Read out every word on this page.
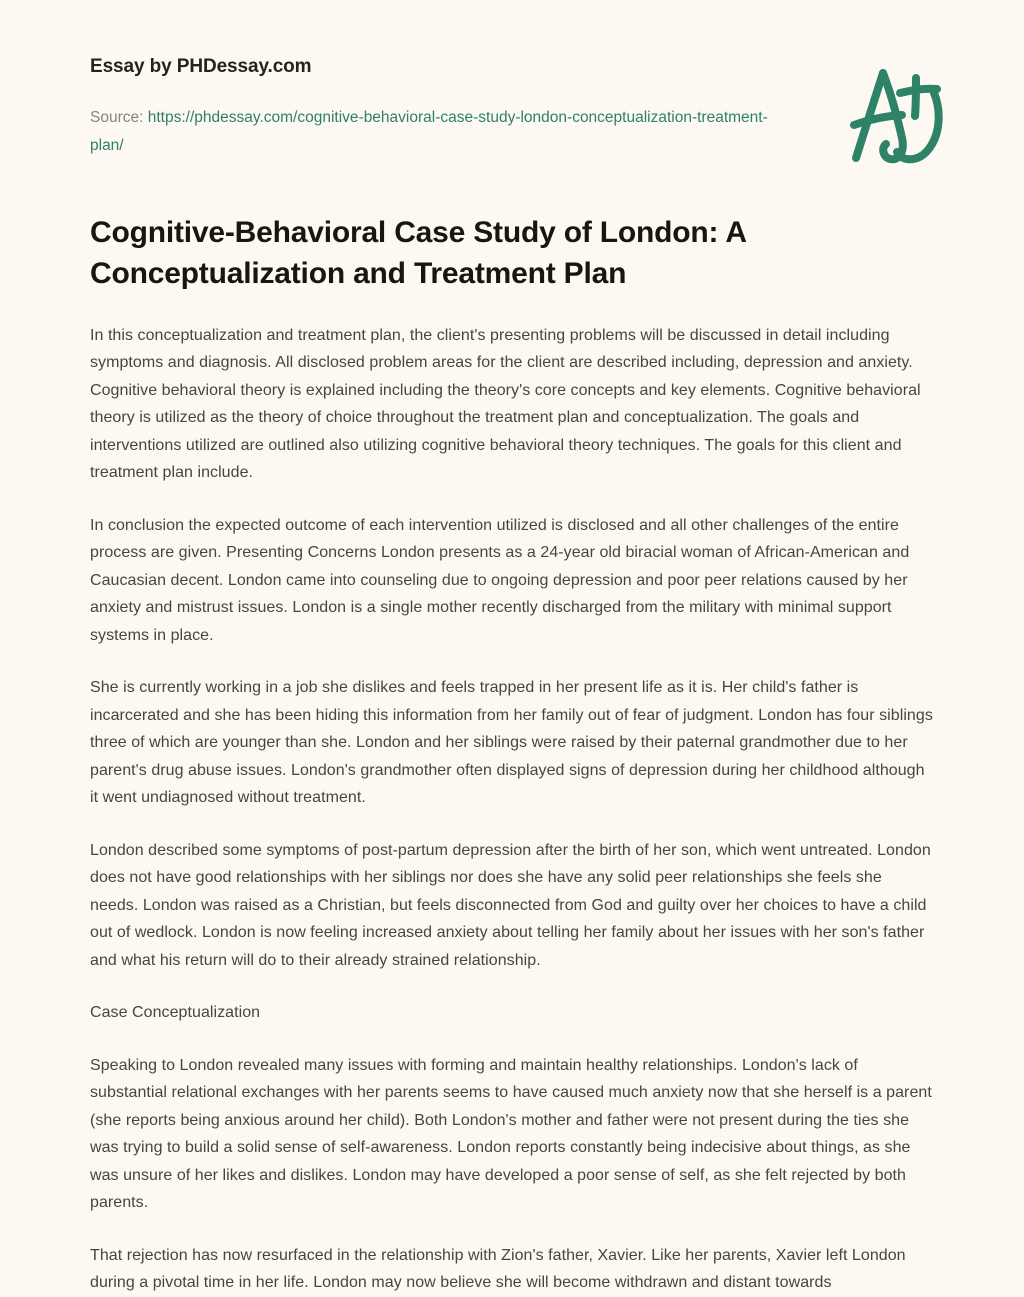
Essay by PHDessay.com
Source: https://phdessay.com/cognitive-behavioral-case-study-london-conceptualization-treatment-plan/
Cognitive-Behavioral Case Study of London: A Conceptualization and Treatment Plan

In this conceptualization and treatment plan, the client's presenting problems will be discussed in detail including symptoms and diagnosis. All disclosed problem areas for the client are described including, depression and anxiety. Cognitive behavioral theory is explained including the theory's core concepts and key elements. Cognitive behavioral theory is utilized as the theory of choice throughout the treatment plan and conceptualization. The goals and interventions utilized are outlined also utilizing cognitive behavioral theory techniques. The goals for this client and treatment plan include.

In conclusion the expected outcome of each intervention utilized is disclosed and all other challenges of the entire process are given. Presenting Concerns London presents as a 24-year old biracial woman of African-American and Caucasian decent. London came into counseling due to ongoing depression and poor peer relations caused by her anxiety and mistrust issues. London is a single mother recently discharged from the military with minimal support systems in place.

She is currently working in a job she dislikes and feels trapped in her present life as it is. Her child's father is incarcerated and she has been hiding this information from her family out of fear of judgment. London has four siblings three of which are younger than she. London and her siblings were raised by their paternal grandmother due to her parent's drug abuse issues. London's grandmother often displayed signs of depression during her childhood although it went undiagnosed without treatment.

London described some symptoms of post-partum depression after the birth of her son, which went untreated. London does not have good relationships with her siblings nor does she have any solid peer relationships she feels she needs. London was raised as a Christian, but feels disconnected from God and guilty over her choices to have a child out of wedlock. London is now feeling increased anxiety about telling her family about her issues with her son's father and what his return will do to their already strained relationship.

Case Conceptualization

Speaking to London revealed many issues with forming and maintain healthy relationships. London's lack of substantial relational exchanges with her parents seems to have caused much anxiety now that she herself is a parent (she reports being anxious around her child). Both London's mother and father were not present during the ties she was trying to build a solid sense of self-awareness. London reports constantly being indecisive about things, as she was unsure of her likes and dislikes. London may have developed a poor sense of self, as she felt rejected by both parents.

That rejection has now resurfaced in the relationship with Zion's father, Xavier. Like her parents, Xavier left London during a pivotal time in her life. London may now believe she will become withdrawn and distant towards
